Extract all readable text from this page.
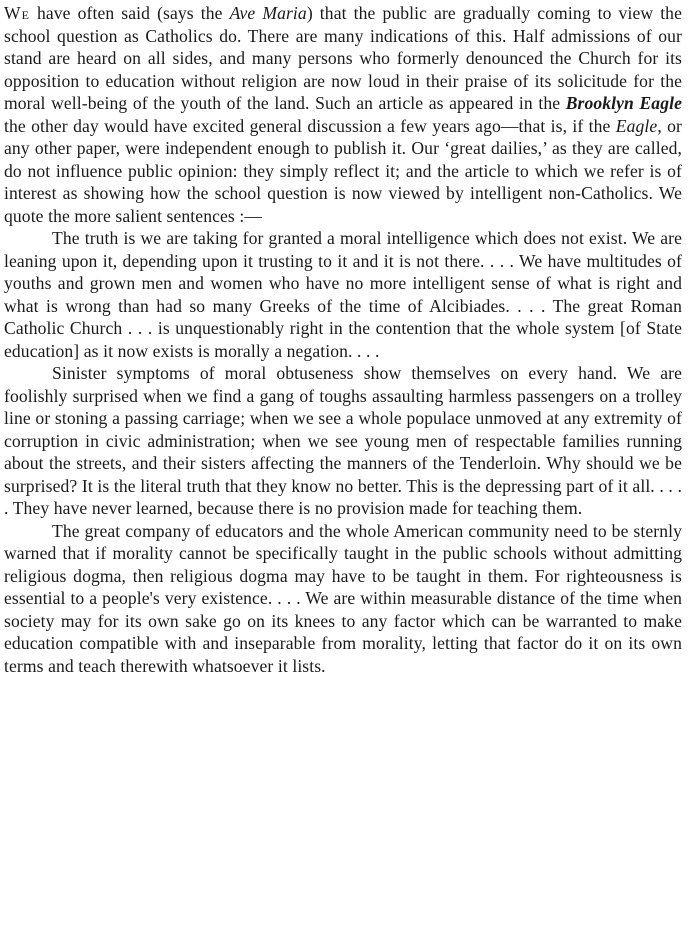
We have often said (says the Ave Maria) that the public are gradually coming to view the school question as Catholics do. There are many indications of this. Half admissions of our stand are heard on all sides, and many persons who formerly denounced the Church for its opposition to education without religion are now loud in their praise of its solicitude for the moral well-being of the youth of the land. Such an article as appeared in the Brooklyn Eagle the other day would have excited general discussion a few years ago—that is, if the Eagle, or any other paper, were independent enough to publish it. Our ‘great dailies,’ as they are called, do not influence public opinion: they simply reflect it; and the article to which we refer is of interest as showing how the school question is now viewed by intelligent non-Catholics. We quote the more salient sentences :—

The truth is we are taking for granted a moral intelligence which does not exist. We are leaning upon it, depending upon it trusting to it and it is not there. . . . We have multitudes of youths and grown men and women who have no more intelligent sense of what is right and what is wrong than had so many Greeks of the time of Alcibiades. . . . The great Roman Catholic Church . . . is unquestionably right in the contention that the whole system [of State education] as it now exists is morally a negation. . . .

Sinister symptoms of moral obtuseness show themselves on every hand. We are foolishly surprised when we find a gang of toughs assaulting harmless passengers on a trolley line or stoning a passing carriage; when we see a whole populace unmoved at any extremity of corruption in civic administration; when we see young men of respectable families running about the streets, and their sisters affecting the manners of the Tenderloin. Why should we be surprised? It is the literal truth that they know no better. This is the depressing part of it all. . . . . They have never learned, because there is no provision made for teaching them.

The great company of educators and the whole American community need to be sternly warned that if morality cannot be specifically taught in the public schools without admitting religious dogma, then religious dogma may have to be taught in them. For righteousness is essential to a people's very existence. . . . We are within measurable distance of the time when society may for its own sake go on its knees to any factor which can be warranted to make education compatible with and inseparable from morality, letting that factor do it on its own terms and teach therewith whatsoever it lists.
